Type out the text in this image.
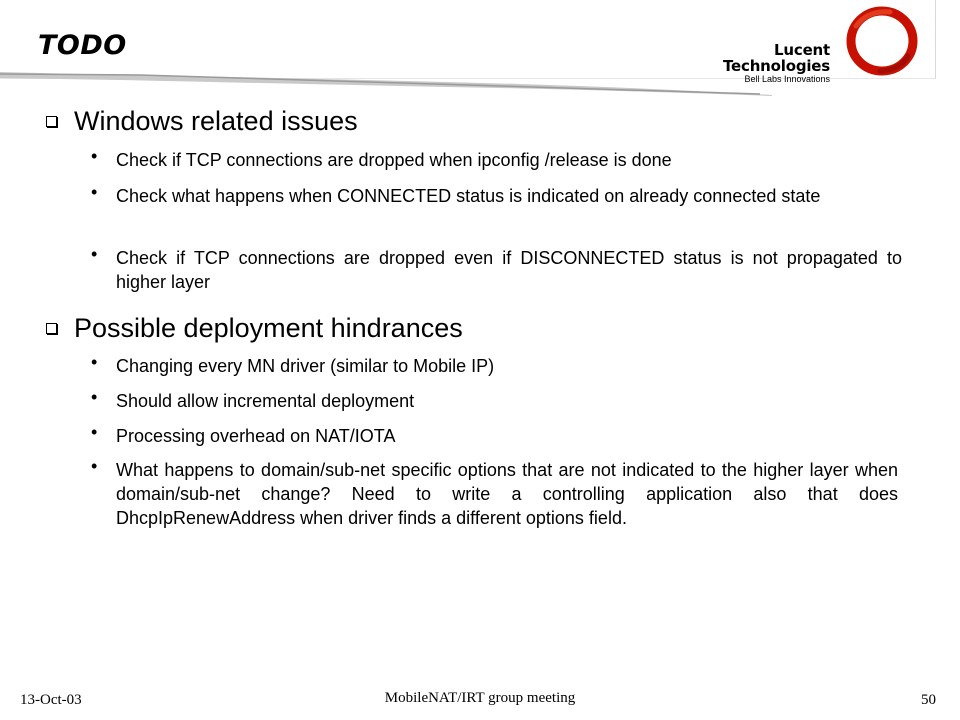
TODO	Lucent Technologies
Bell Labs Innovations
Windows related issues
• Check if TCP connections are dropped when ipconfig /release is done
• Check what happens when CONNECTED status is indicated on already connected state
• Check if TCP connections are dropped even if DISCONNECTED status is not propagated to higher layer
Possible deployment hindrances
• Changing every MN driver (similar to Mobile IP)
• Should allow incremental deployment
• Processing overhead on NAT/IOTA
• What happens to domain/sub-net specific options that are not indicated to the higher layer when domain/sub-net change? Need to write a controlling application also that does DhcpIpRenewAddress when driver finds a different options field.
13-Oct-03	MobileNAT/IRT group meeting	50
